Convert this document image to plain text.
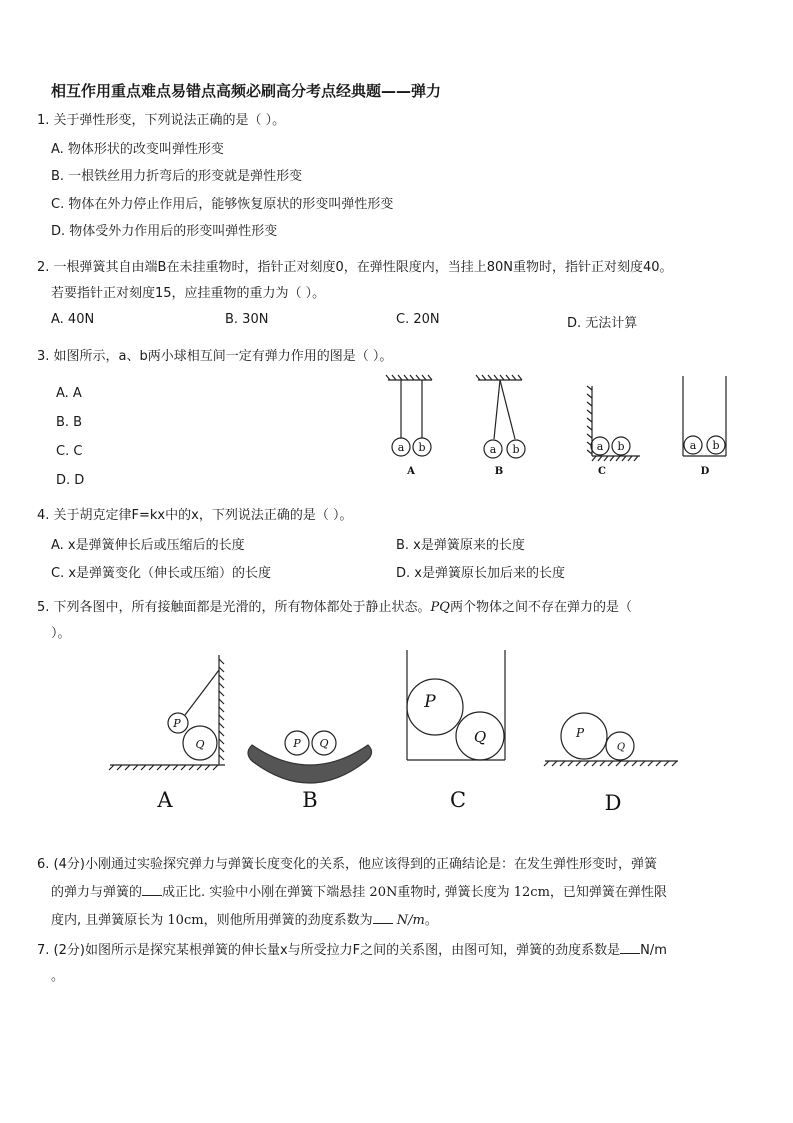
相互作用重点难点易错点高频必刷高分考点经典题——弹力
1. 关于弹性形变，下列说法正确的是（ ）。
A. 物体形状的改变叫弹性形变
B. 一根铁丝用力折弯后的形变就是弹性形变
C. 物体在外力停止作用后，能够恢复原状的形变叫弹性形变
D. 物体受外力作用后的形变叫弹性形变
2. 一根弹簧其自由端B在未挂重物时，指针正对刻度0，在弹性限度内，当挂上80N重物时，指针正对刻度40。
若要指针正对刻度15，应挂重物的重力为（ ）。
A. 40N	B. 30N	C. 20N	D. 无法计算
3. 如图所示，a、b两小球相互间一定有弹力作用的图是（ ）。
A. A
B. B
C. C
D. D
a b	a b	a b	a b
A	B	C	D
4. 关于胡克定律F=kx中的x，下列说法正确的是（ ）。
A. x是弹簧伸长后或压缩后的长度	B. x是弹簧原来的长度
C. x是弹簧变化（伸长或压缩）的长度	D. x是弹簧原长加后来的长度
5. 下列各图中，所有接触面都是光滑的，所有物体都处于静止状态。PQ两个物体之间不存在弹力的是（
）。
P
Q	P Q
P
Q	P
Q
A	B	C	D
6. (4分)小刚通过实验探究弹力与弹簧长度变化的关系，他应该得到的正确结论是：在发生弹性形变时，弹簧
的弹力与弹簧的 成正比. 实验中小刚在弹簧下端悬挂 20N重物时, 弹簧长度为 12cm，已知弹簧在弹性限
度内, 且弹簧原长为 10cm，则他所用弹簧的劲度系数为 N/m。
7. (2分)如图所示是探究某根弹簧的伸长量x与所受拉力F之间的关系图，由图可知，弹簧的劲度系数是 N/m
。
